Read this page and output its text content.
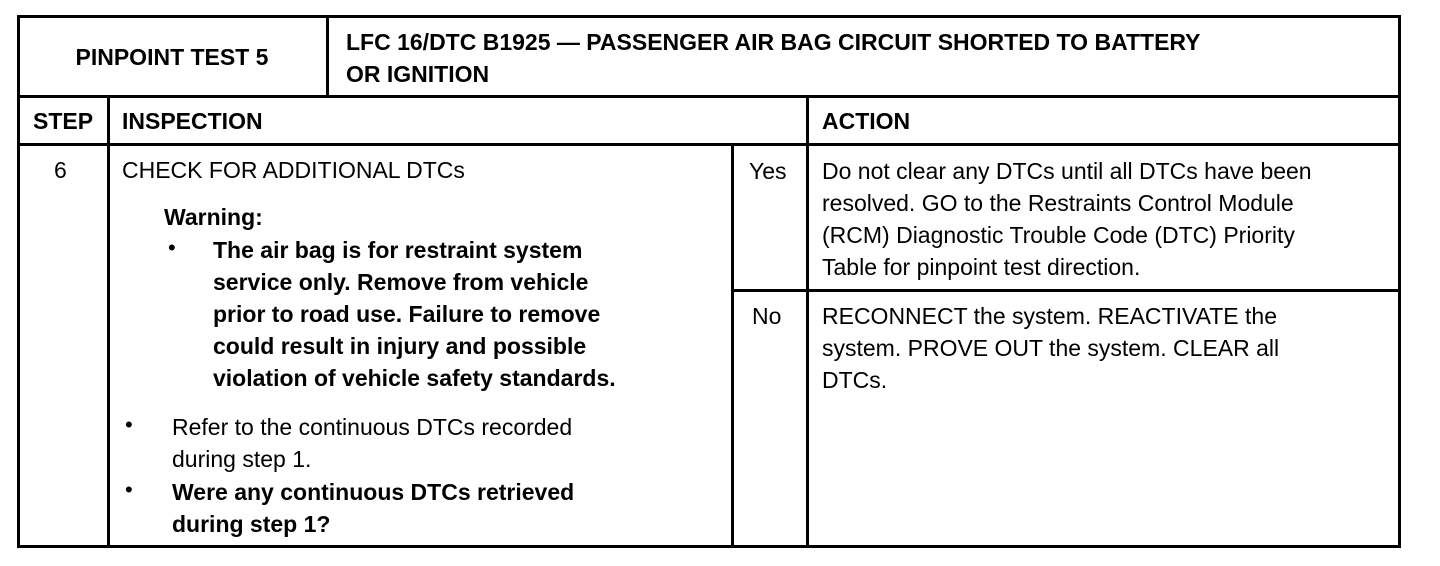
PINPOINT TEST 5
LFC 16/DTC B1925 — PASSENGER AIR BAG CIRCUIT SHORTED TO BATTERY
OR IGNITION
STEP INSPECTION	ACTION
6 CHECK FOR ADDITIONAL DTCs
Warning:
• The air bag is for restraint system
service only. Remove from vehicle
prior to road use. Failure to remove
could result in injury and possible
violation of vehicle safety standards.
• Refer to the continuous DTCs recorded
during step 1.
• Were any continuous DTCs retrieved
during step 1?
Yes
No
Do not clear any DTCs until all DTCs have been
resolved. GO to the Restraints Control Module
(RCM) Diagnostic Trouble Code (DTC) Priority
Table for pinpoint test direction.
RECONNECT the system. REACTIVATE the
system. PROVE OUT the system. CLEAR all
DTCs.
